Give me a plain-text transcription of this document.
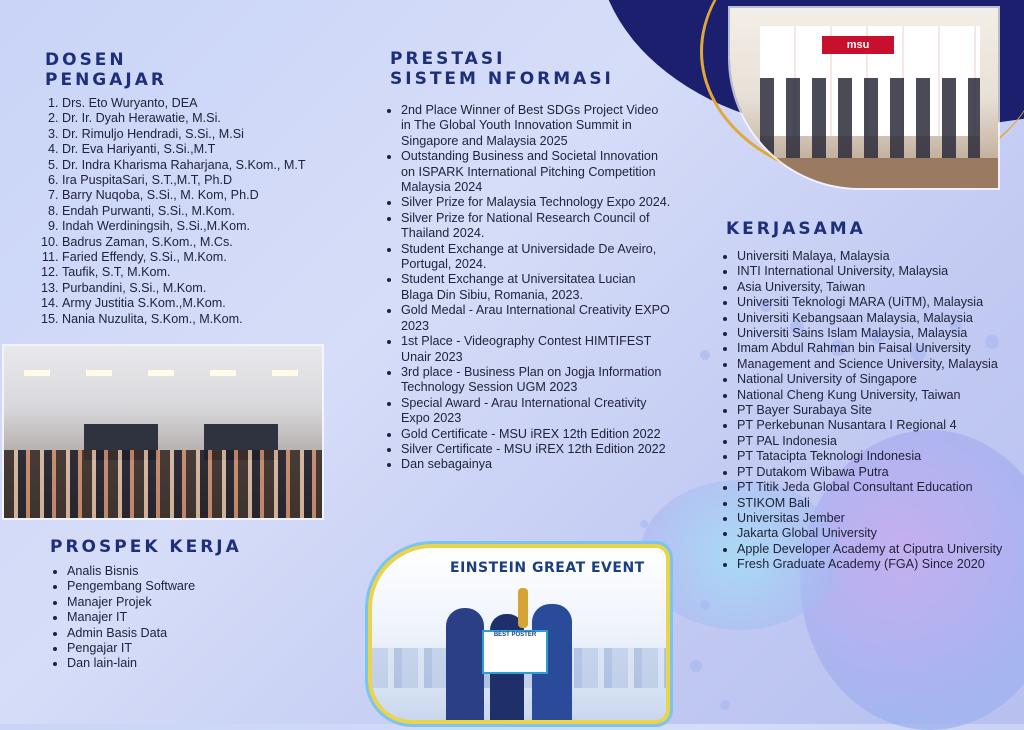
msu
DOSEN
PENGAJAR
1. Drs. Eto Wuryanto, DEA
2. Dr. Ir. Dyah Herawatie, M.Si.
3. Dr. Rimuljo Hendradi, S.Si., M.Si
4. Dr. Eva Hariyanti, S.Si.,M.T
5. Dr. Indra Kharisma Raharjana, S.Kom., M.T
6. Ira PuspitaSari, S.T.,M.T, Ph.D
7. Barry Nuqoba, S.Si., M. Kom, Ph.D
8. Endah Purwanti, S.Si., M.Kom.
9. Indah Werdiningsih, S.Si.,M.Kom.
10. Badrus Zaman, S.Kom., M.Cs.
11. Faried Effendy, S.Si., M.Kom.
12. Taufik, S.T, M.Kom.
13. Purbandini, S.Si., M.Kom.
14. Army Justitia S.Kom.,M.Kom.
15. Nania Nuzulita, S.Kom., M.Kom.
PROSPEK KERJA
• Analis Bisnis
• Pengembang Software
• Manajer Projek
• Manajer IT
• Admin Basis Data
• Pengajar IT
• Dan lain-lain
PRESTASI
SISTEM NFORMASI
• 2nd Place Winner of Best SDGs Project Video in The Global Youth Innovation Summit in Singapore and Malaysia 2025
• Outstanding Business and Societal Innovation on ISPARK International Pitching Competition Malaysia 2024
• Silver Prize for Malaysia Technology Expo 2024.
• Silver Prize for National Research Council of Thailand 2024.
• Student Exchange at Universidade De Aveiro, Portugal, 2024.
• Student Exchange at Universitatea Lucian Blaga Din Sibiu, Romania, 2023.
• Gold Medal - Arau International Creativity EXPO 2023
• 1st Place - Videography Contest HIMTIFEST Unair 2023
• 3rd place - Business Plan on Jogja Information Technology Session UGM 2023
• Special Award - Arau International Creativity Expo 2023
• Gold Certificate - MSU iREX 12th Edition 2022
• Silver Certificate - MSU iREX 12th Edition 2022
• Dan sebagainya
EINSTEIN GREAT EVENT
BEST POSTER
KERJASAMA
• Universiti Malaya, Malaysia
• INTI International University, Malaysia
• Asia University, Taiwan
• Universiti Teknologi MARA (UiTM), Malaysia
• Universiti Kebangsaan Malaysia, Malaysia
• Universiti Sains Islam Malaysia, Malaysia
• Imam Abdul Rahman bin Faisal University
• Management and Science University, Malaysia
• National University of Singapore
• National Cheng Kung University, Taiwan
• PT Bayer Surabaya Site
• PT Perkebunan Nusantara I Regional 4
• PT PAL Indonesia
• PT Tatacipta Teknologi Indonesia
• PT Dutakom Wibawa Putra
• PT Titik Jeda Global Consultant Education
• STIKOM Bali
• Universitas Jember
• Jakarta Global University
• Apple Developer Academy at Ciputra University
• Fresh Graduate Academy (FGA) Since 2020
